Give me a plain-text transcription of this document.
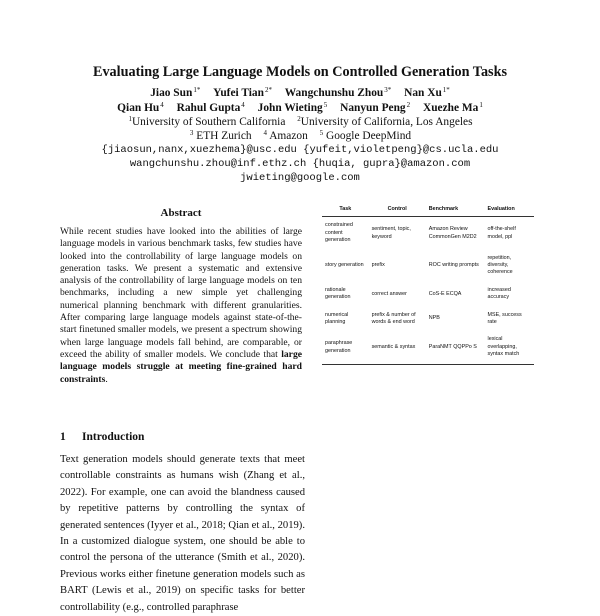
Evaluating Large Language Models on Controlled Generation Tasks
Jiao Sun$^{1*}$ Yufei Tian$^{2*}$ Wangchunshu Zhou$^{3*}$ Nan $Xu^{1*}$
Qian Hu$^4$ Rahul Gupta$^4$ John Wieting$^5$ Nanyun Peng$^2$ Xuezhe Ma$^1$
$^1$University of Southern California $^2$University of California, Los Angeles
$^3$ ETH Zurich $^4$ Amazon $^5$ Google DeepMind
{jiaosun,nanx,xuezhema}@usc.edu {yufeit,violetpeng}@cs.ucla.edu
wangchunshu.zhou@inf.ethz.ch {huqia, gupra}@amazon.com
jwieting@google.com
Abstract
While recent studies have looked into the abilities of large language models in various benchmark tasks, few studies have looked into the controllability of large language models on generation tasks. We present a systematic and extensive analysis of the controllability of large language models on ten benchmarks, including a new simple yet challenging numerical planning benchmark with different granularities. After comparing large language models against state-of-the-start finetuned smaller models, we present a spectrum showing when large language models fall behind, are comparable, or exceed the ability of smaller models. We conclude that large language models struggle at meeting fine-grained hard constraints.
Task	Control	Benchmark	Evaluation
constrained content generation	sentiment, topic, keyword	Amazon Review CommonGen M2D2	off-the-shelf model, ppl
story generation	prefix	ROC writing prompts	repetition, diversity, coherence
rationale generation	correct answer	CoS-E ECQA	increased accuracy
numerical planning	prefix & number of words & end word	NPB	MSE, success rate
paraphrase generation	semantic & syntax	ParaNMT QQPPo S	lexical overlapping, syntax match
1 Introduction
Text generation models should generate texts that meet controllable constraints as humans wish (Zhang et al., 2022). For example, one can avoid the blandness caused by repetitive patterns by controlling the syntax of generated sentences (Iyyer et al., 2018; Qian et al., 2019). In a customized dialogue system, one should be able to control the persona of the utterance (Smith et al., 2020). Previous works either finetune generation models such as BART (Lewis et al., 2019) on specific tasks for better controllability (e.g., controlled paraphrase
